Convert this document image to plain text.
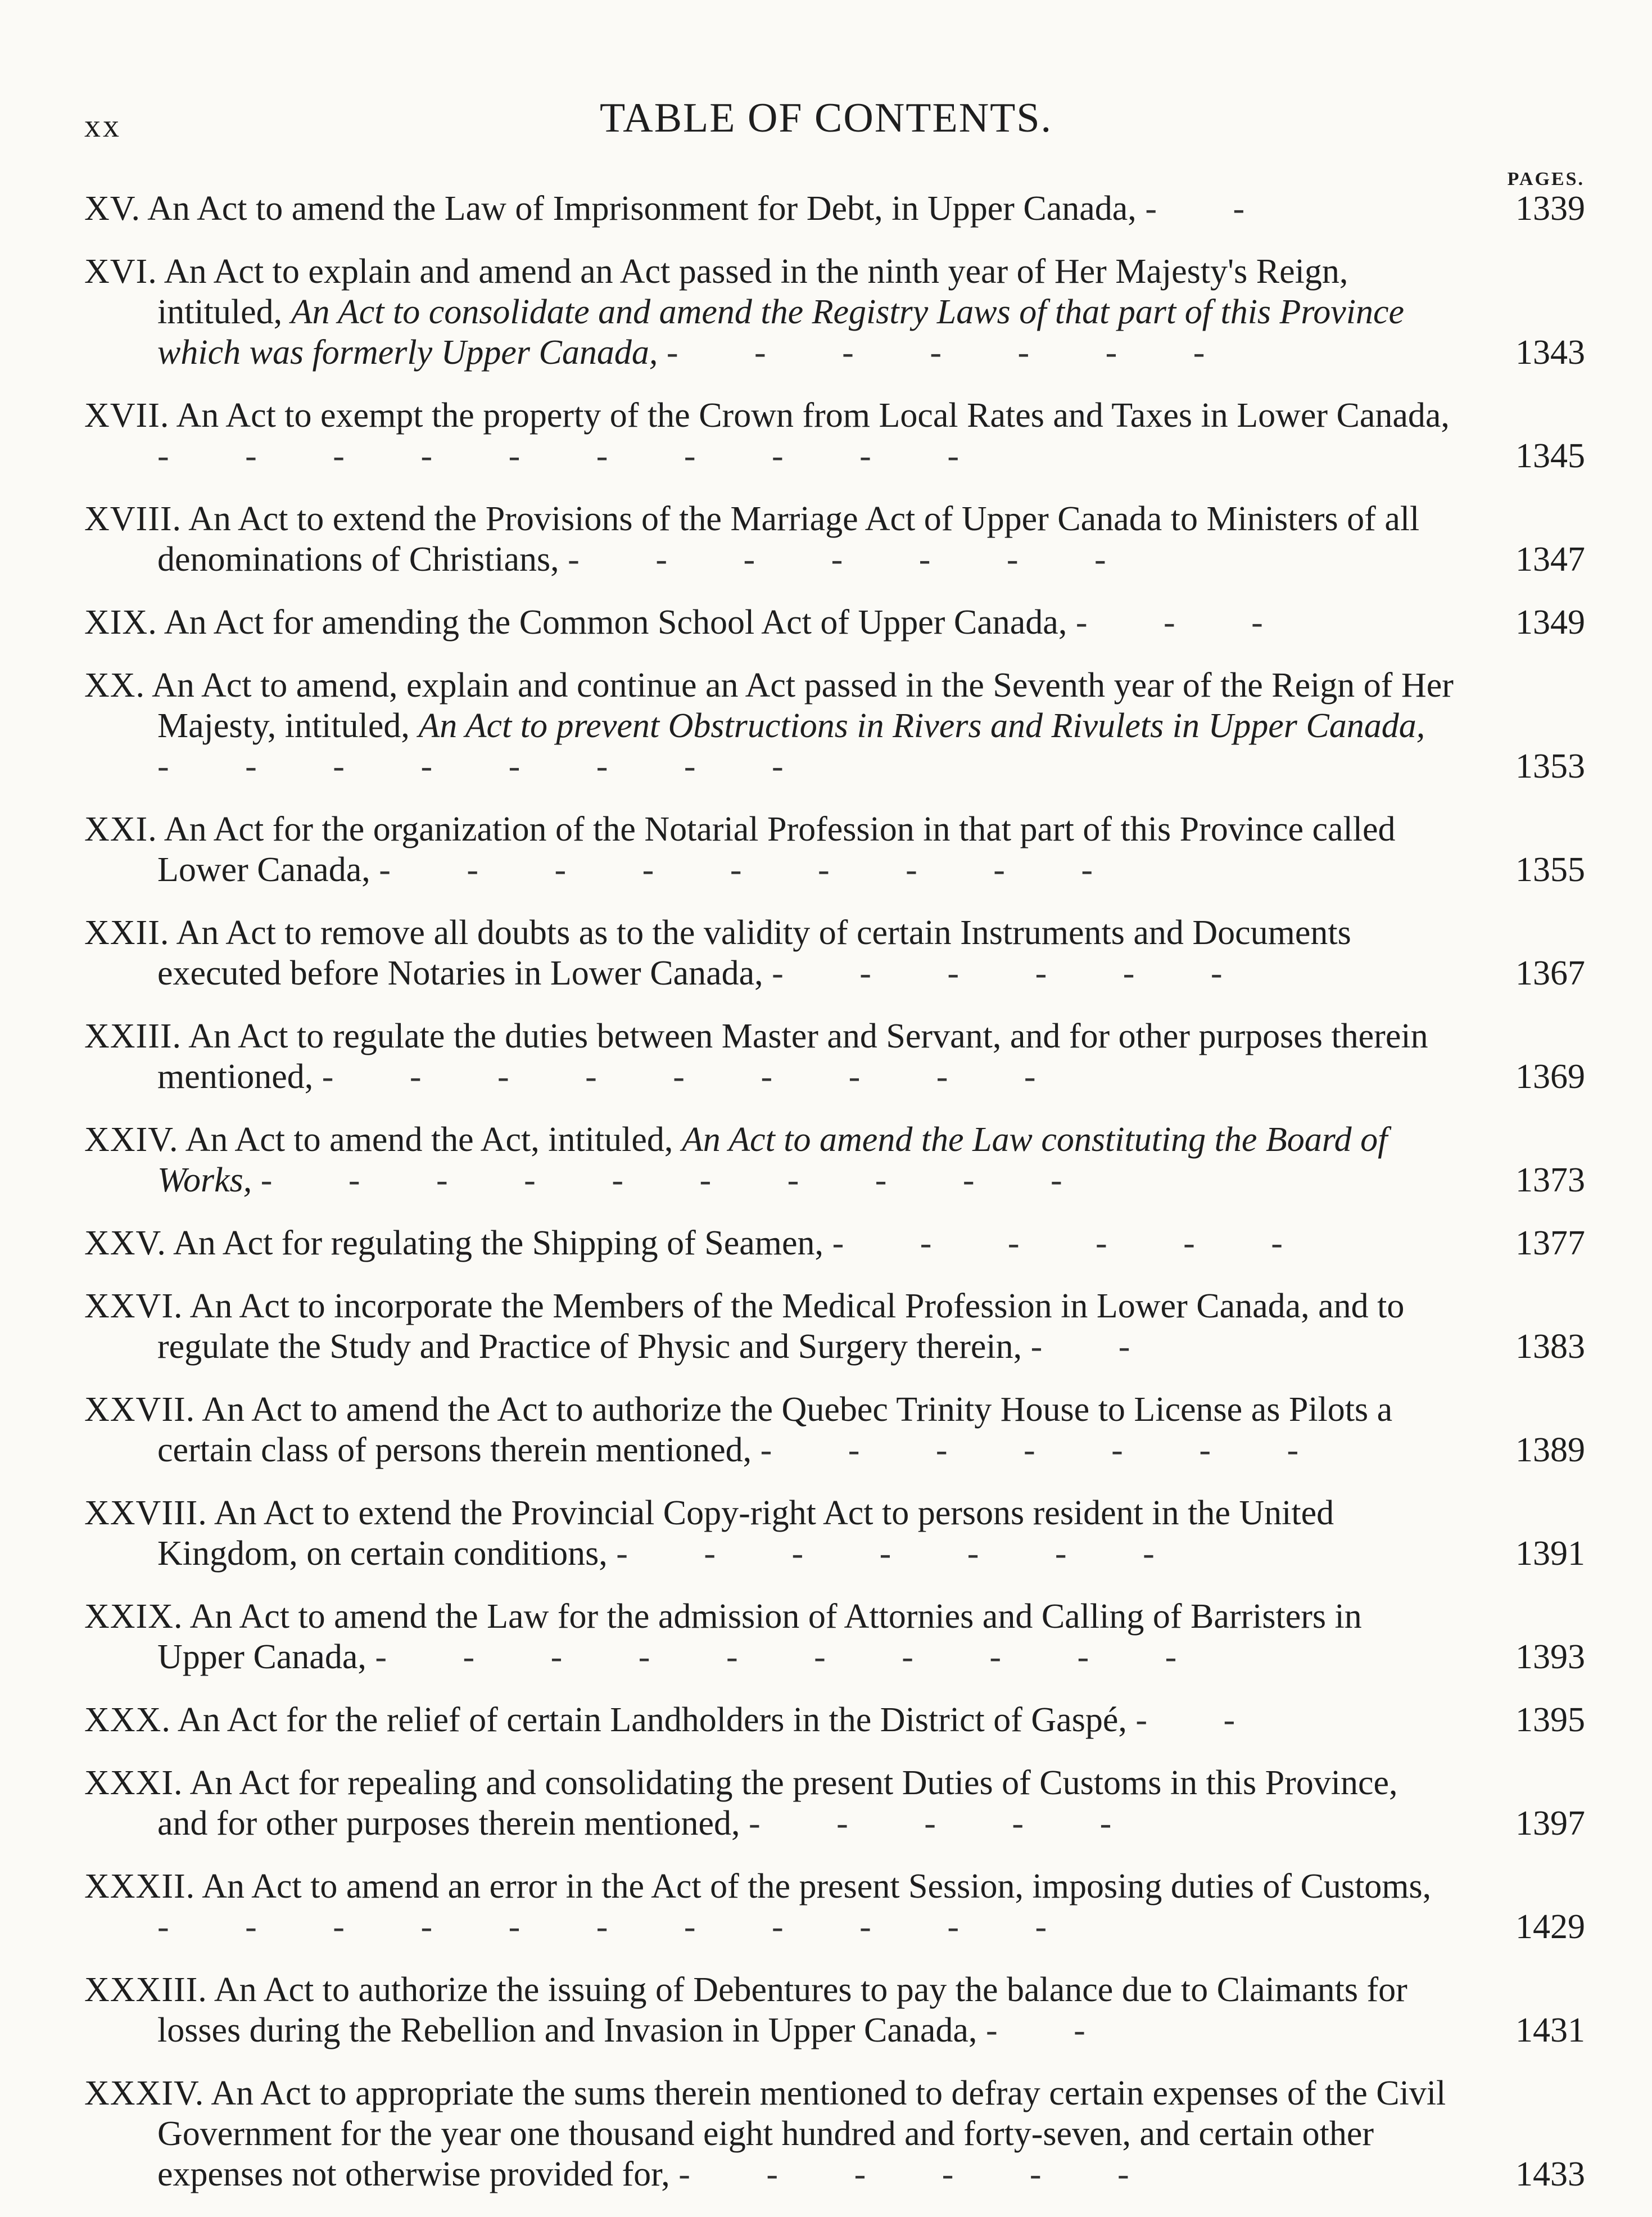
xx	TABLE OF CONTENTS.
PAGES.
XV. An Act to amend the Law of Imprisonment for Debt, in Upper Canada, - -	1339
XVI. An Act to explain and amend an Act passed in the ninth year of Her Majesty's Reign, intituled, An Act to consolidate and amend the Registry Laws of that part of this Province which was formerly Upper Canada, - - - - - - -	1343
XVII. An Act to exempt the property of the Crown from Local Rates and Taxes in Lower Canada, - - - - - - - - - -	1345
XVIII. An Act to extend the Provisions of the Marriage Act of Upper Canada to Ministers of all denominations of Christians, - - - - - - -	1347
XIX. An Act for amending the Common School Act of Upper Canada, - - -	1349
XX. An Act to amend, explain and continue an Act passed in the Seventh year of the Reign of Her Majesty, intituled, An Act to prevent Obstructions in Rivers and Rivulets in Upper Canada, - - - - - - - -	1353
XXI. An Act for the organization of the Notarial Profession in that part of this Province called Lower Canada, - - - - - - - - -	1355
XXII. An Act to remove all doubts as to the validity of certain Instruments and Documents executed before Notaries in Lower Canada, - - - - - -	1367
XXIII. An Act to regulate the duties between Master and Servant, and for other purposes therein mentioned, - - - - - - - - -	1369
XXIV. An Act to amend the Act, intituled, An Act to amend the Law constituting the Board of Works, - - - - - - - - - -	1373
XXV. An Act for regulating the Shipping of Seamen, - - - - - -	1377
XXVI. An Act to incorporate the Members of the Medical Profession in Lower Canada, and to regulate the Study and Practice of Physic and Surgery therein, - -	1383
XXVII. An Act to amend the Act to authorize the Quebec Trinity House to License as Pilots a certain class of persons therein mentioned, - - - - - - -	1389
XXVIII. An Act to extend the Provincial Copy-right Act to persons resident in the United Kingdom, on certain conditions, - - - - - - -	1391
XXIX. An Act to amend the Law for the admission of Attornies and Calling of Barristers in Upper Canada, - - - - - - - - - -	1393
XXX. An Act for the relief of certain Landholders in the District of Gaspé, - -	1395
XXXI. An Act for repealing and consolidating the present Duties of Customs in this Province, and for other purposes therein mentioned, - - - - -	1397
XXXII. An Act to amend an error in the Act of the present Session, imposing duties of Customs, - - - - - - - - - - -	1429
XXXIII. An Act to authorize the issuing of Debentures to pay the balance due to Claimants for losses during the Rebellion and Invasion in Upper Canada, - -	1431
XXXIV. An Act to appropriate the sums therein mentioned to defray certain expenses of the Civil Government for the year one thousand eight hundred and forty-seven, and certain other expenses not otherwise provided for, - - - - - -	1433
